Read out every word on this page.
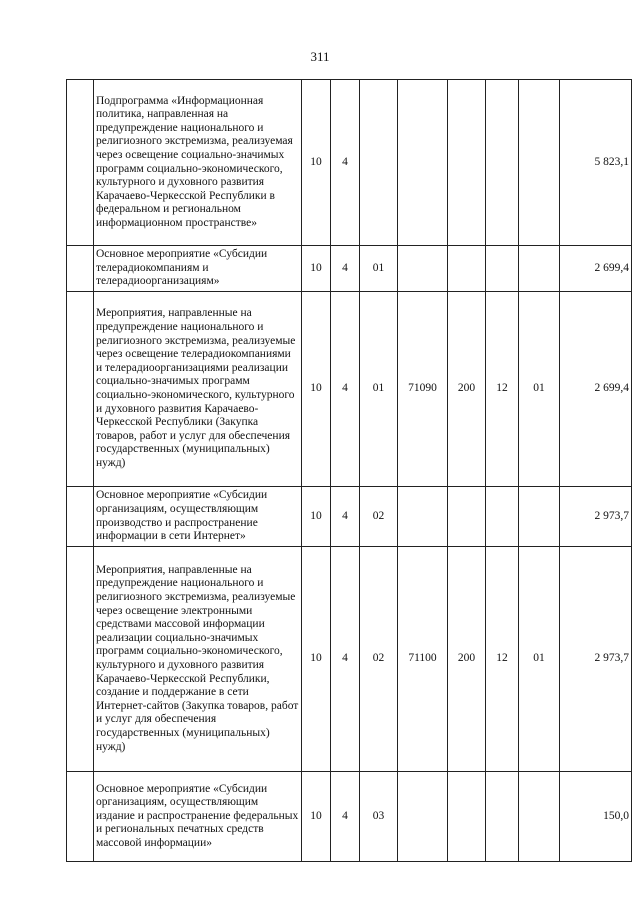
311
	Подпрограмма «Информационная политика, направленная на предупреждение национального и религиозного экстремизма, реализуемая через освещение социально-значимых программ социально-экономического, культурного и духовного развития Карачаево-Черкесской Республики в федеральном и региональном информационном пространстве»	10	4						5 823,1
	Основное мероприятие «Субсидии телерадиокомпаниям и телерадиоорганизациям»	10	4	01					2 699,4
	Мероприятия, направленные на предупреждение национального и религиозного экстремизма, реализуемые через освещение телерадиокомпаниями и телерадиоорганизациями реализации социально-значимых программ социально-экономического, культурного и духовного развития Карачаево-Черкесской Республики (Закупка товаров, работ и услуг для обеспечения государственных (муниципальных) нужд)	10	4	01	71090	200	12	01	2 699,4
	Основное мероприятие «Субсидии организациям, осуществляющим производство и распространение информации в сети Интернет»	10	4	02					2 973,7
	Мероприятия, направленные на предупреждение национального и религиозного экстремизма, реализуемые через освещение электронными средствами массовой информации реализации социально-значимых программ социально-экономического, культурного и духовного развития Карачаево-Черкесской Республики, создание и поддержание в сети Интернет-сайтов (Закупка товаров, работ и услуг для обеспечения государственных (муниципальных) нужд)	10	4	02	71100	200	12	01	2 973,7
	Основное мероприятие «Субсидии организациям, осуществляющим издание и распространение федеральных и региональных печатных средств массовой информации»	10	4	03					150,0
